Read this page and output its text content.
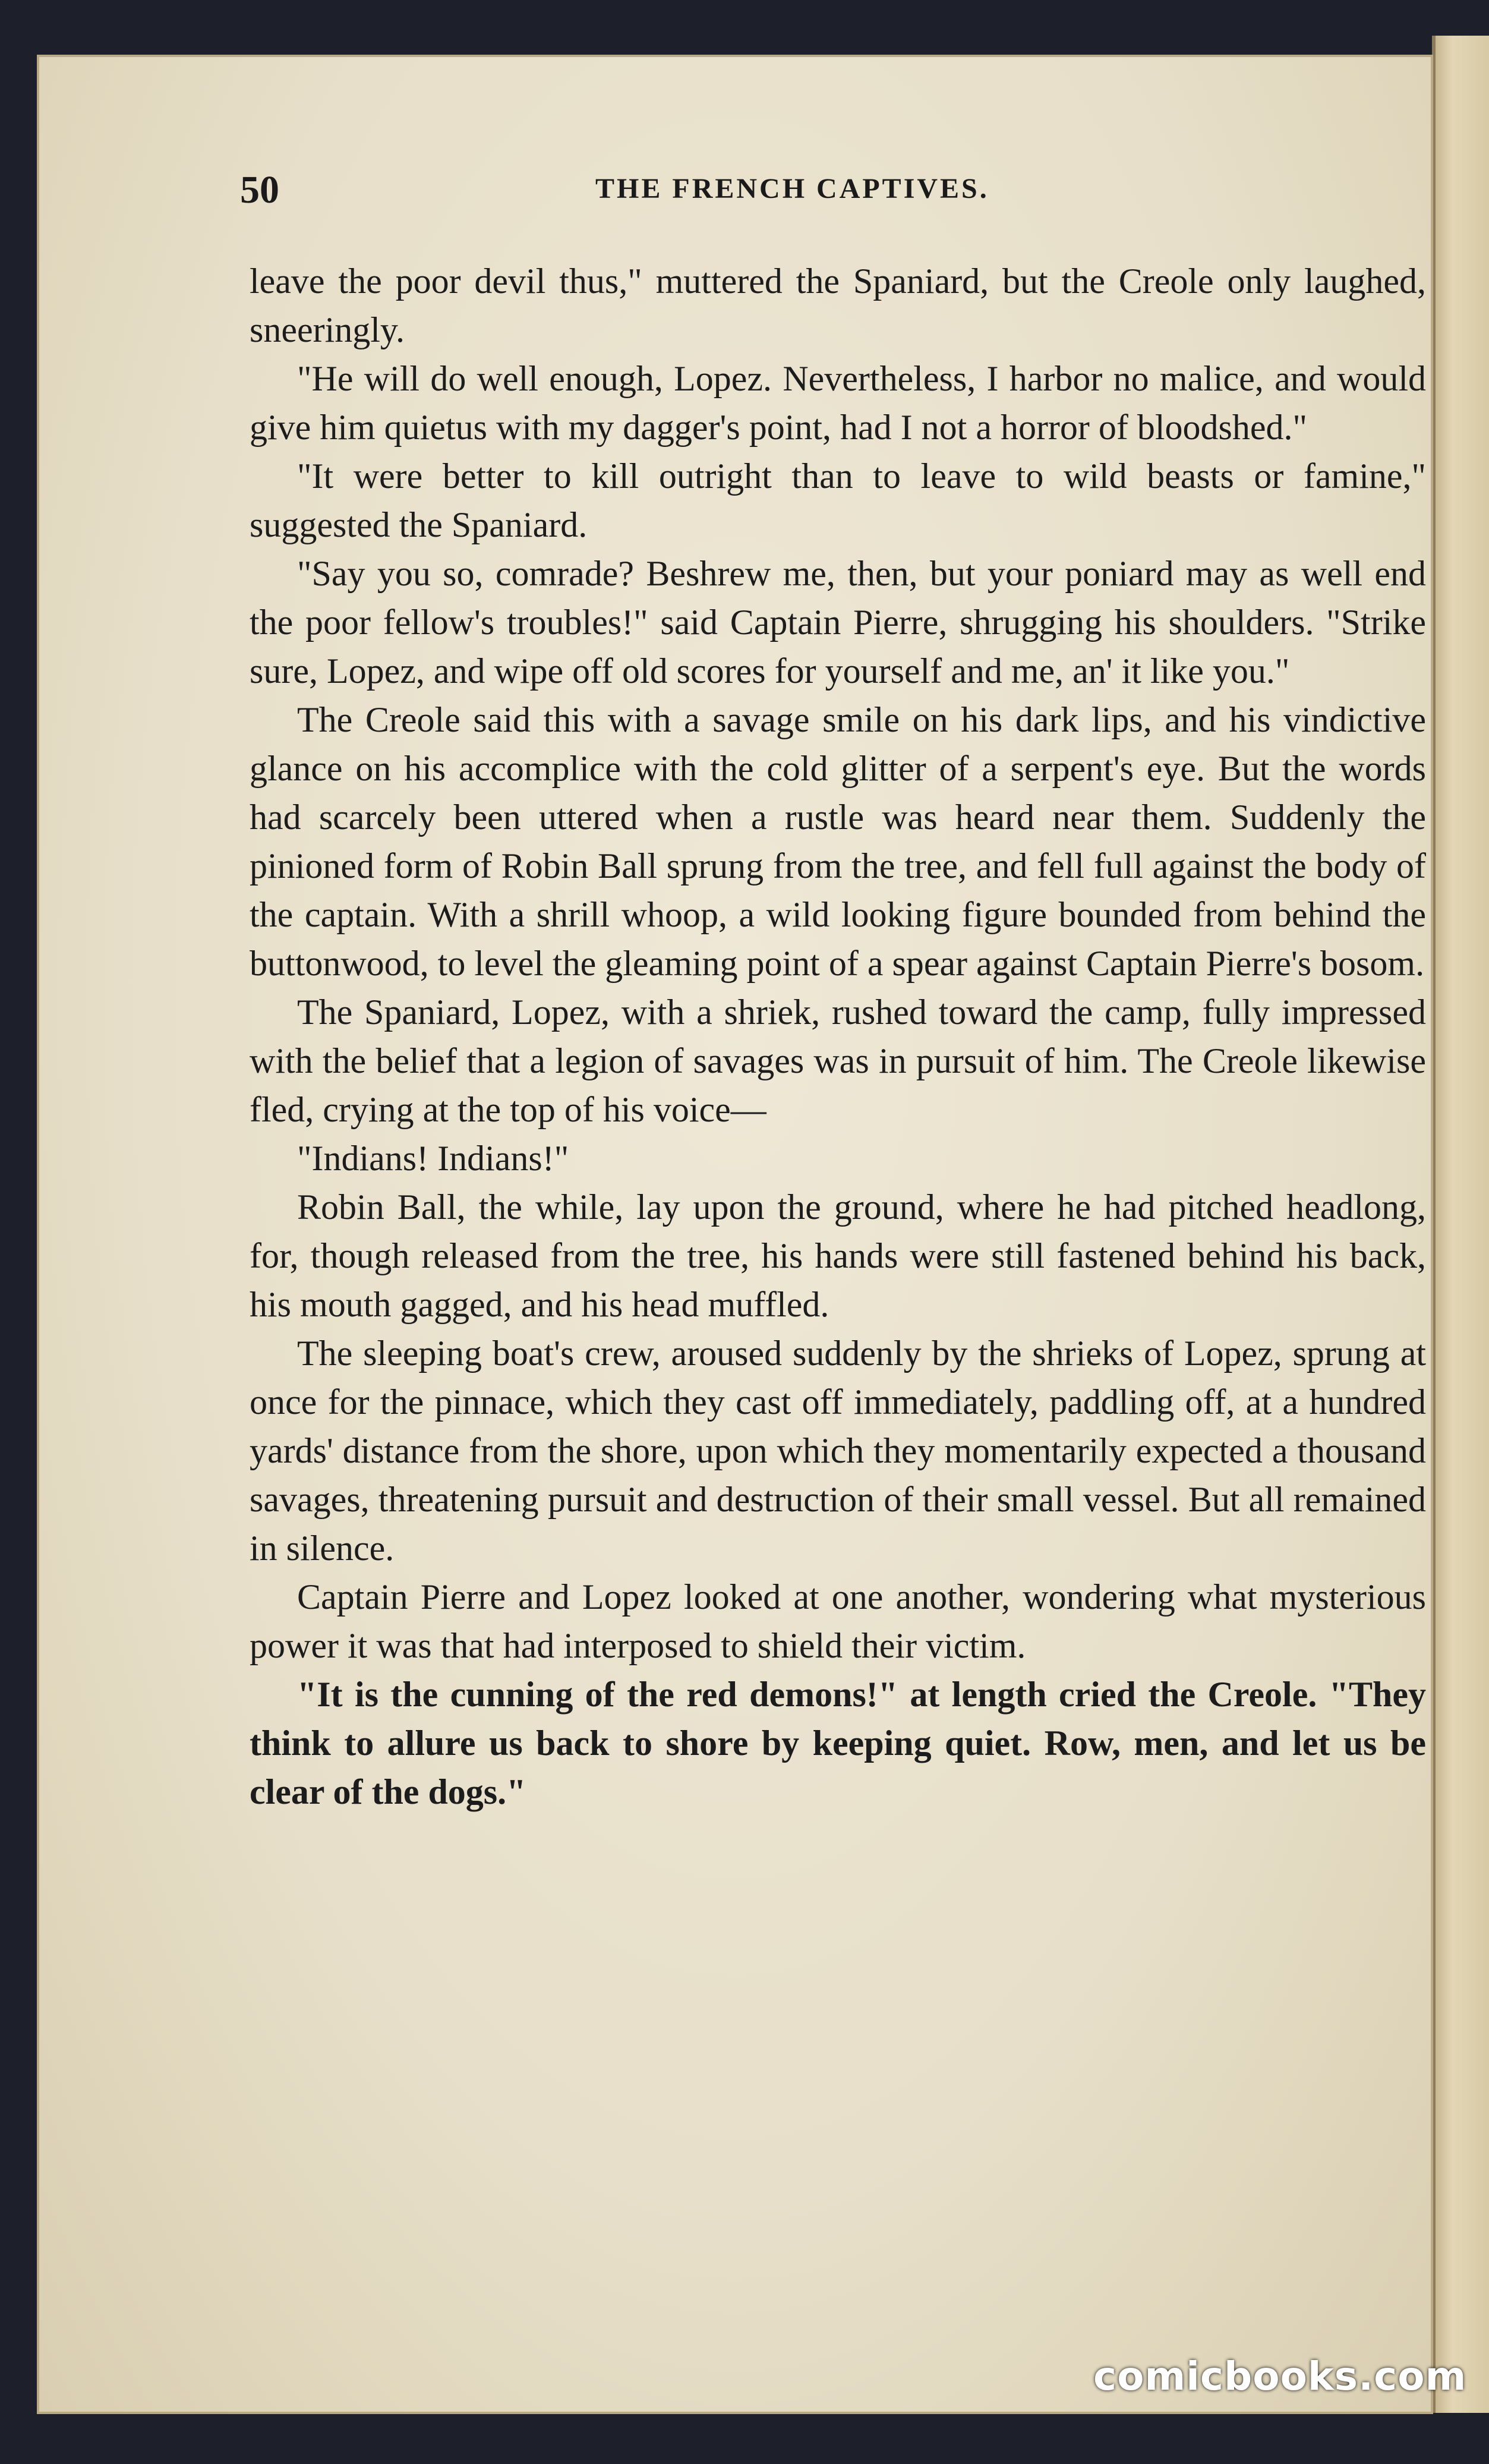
50	THE FRENCH CAPTIVES.

leave the poor devil thus," muttered the Spaniard, but the Creole only laughed, sneeringly.

"He will do well enough, Lopez. Nevertheless, I harbor no malice, and would give him quietus with my dagger's point, had I not a horror of bloodshed."

"It were better to kill outright than to leave to wild beasts or famine," suggested the Spaniard.

"Say you so, comrade? Beshrew me, then, but your poniard may as well end the poor fellow's troubles!" said Captain Pierre, shrugging his shoulders. "Strike sure, Lopez, and wipe off old scores for yourself and me, an' it like you."

The Creole said this with a savage smile on his dark lips, and his vindictive glance on his accomplice with the cold glitter of a serpent's eye. But the words had scarcely been uttered when a rustle was heard near them. Suddenly the pinioned form of Robin Ball sprung from the tree, and fell full against the body of the captain. With a shrill whoop, a wild looking figure bounded from behind the buttonwood, to level the gleaming point of a spear against Captain Pierre's bosom.

The Spaniard, Lopez, with a shriek, rushed toward the camp, fully impressed with the belief that a legion of savages was in pursuit of him. The Creole likewise fled, crying at the top of his voice—

"Indians! Indians!"

Robin Ball, the while, lay upon the ground, where he had pitched headlong, for, though released from the tree, his hands were still fastened behind his back, his mouth gagged, and his head muffled.

The sleeping boat's crew, aroused suddenly by the shrieks of Lopez, sprung at once for the pinnace, which they cast off immediately, paddling off, at a hundred yards' distance from the shore, upon which they momentarily expected a thousand savages, threatening pursuit and destruction of their small vessel. But all remained in silence.

Captain Pierre and Lopez looked at one another, wondering what mysterious power it was that had interposed to shield their victim.

"It is the cunning of the red demons!" at length cried the Creole. "They think to allure us back to shore by keeping quiet. Row, men, and let us be clear of the dogs."

comicbooks.com
